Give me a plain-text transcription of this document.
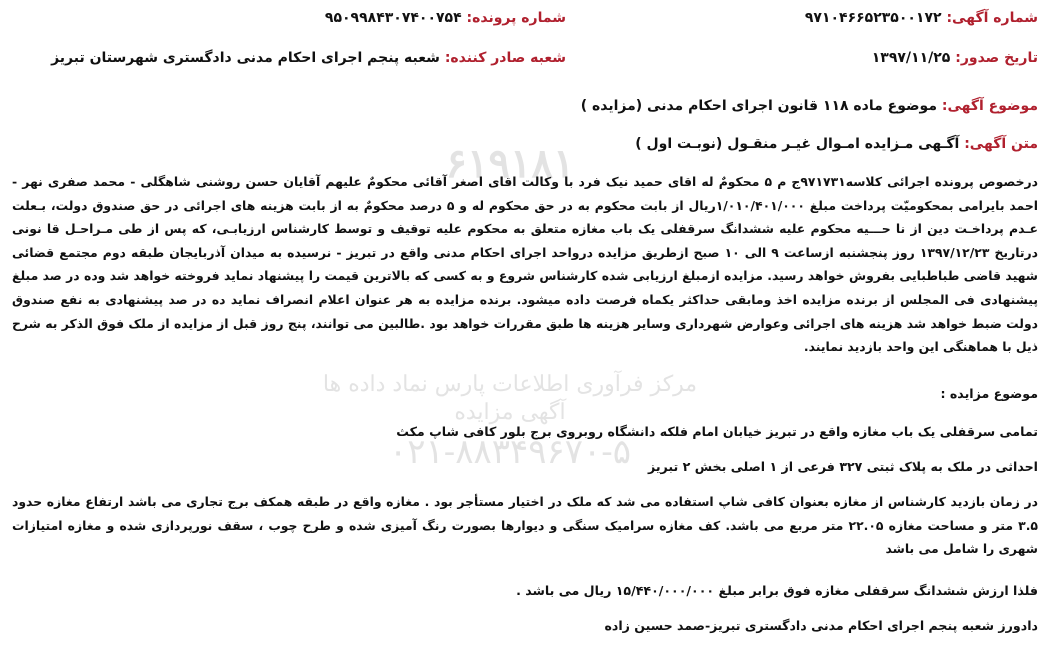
۶۱۹۱۸۱
مرکز فرآوری اطلاعات پارس نماد داده ها
آگهی مزایده
۰۲۱-۸۸۳۴۹۶۷۰-۵
شماره آگهی: ۹۷۱۰۴۶۶۵۲۳۵۰۰۱۷۲
تاریخ صدور: ۱۳۹۷/۱۱/۲۵
شماره پرونده: ۹۵۰۹۹۸۴۳۰۷۴۰۰۷۵۴
شعبه صادر کننده: شعبه پنجم اجرای احکام مدنی دادگستری شهرستان تبریز
موضوع آگهی: موضوع ماده ۱۱۸ قانون اجرای احکام مدنی (مزایده )
متن آگهی: آگـهی مـزایده امـوال غیـر منقـول (نوبـت اول )
درخصوص پرونده اجرائی کلاسه۹۷۱۷۳۱ج م ۵ محکومٌ له اقای حمید نیک فرد با وکالت اقای اصغر آقائی محکومٌ علیهم آقایان حسن روشنی شاهگلی - محمد صفری نهر - احمد بایرامی بمحکومیّت پرداخت مبلغ ۱/۰۱۰/۴۰۱/۰۰۰ریال از بابت محکوم به در حق محکوم له و ۵ درصد محکومٌ به از بابت هزینه های اجرائی در حق صندوق دولت، بـعلت عـدم پرداخـت دین از نا حـــیه محکوم علیه ششدانگ سرقفلی یک باب مغازه متعلق به محکوم علیه توقیف و توسط کارشناس ارزیابـی، که پس از طی مـراحـل قا نونی درتاریخ ۱۳۹۷/۱۲/۲۳ روز پنجشنبه ازساعت ۹ الی ۱۰ صبح ازطریق مزایده درواحد اجرای احکام مدنی واقع در تبریز - نرسیده به میدان آذربایجان طبقه دوم مجتمع قضائی شهید قاضی طباطبایی بفروش خواهد رسید. مزایده ازمبلغ ارزیابی شده کارشناس شروع و به کسی که بالاترین قیمت را پیشنهاد نماید فروخته خواهد شد وده در صد مبلغ پیشنهادی فی المجلس از برنده مزایده اخذ ومابقی حداکثر یکماه فرصت داده میشود. برنده مزایده به هر عنوان اعلام انصراف نماید ده در صد پیشنهادی به نفع صندوق دولت ضبط خواهد شد هزینه های اجرائی وعوارض شهرداری وسایر هزینه ها طبق مقررات خواهد بود .طالبین می توانند، پنج روز قبل از مزایده از ملک فوق الذکر به شرح ذیل با هماهنگی این واحد بازدید نمایند.
موضوع مزایده :
تمامی سرقفلی یک باب مغازه واقع در تبریز خیابان امام فلکه دانشگاه روبروی برج بلور کافی شاپ مکث
احداثی در ملک به پلاک ثبتی ۳۲۷ فرعی از ۱ اصلی بخش ۲ تبریز
در زمان بازدید کارشناس از مغازه بعنوان کافی شاپ استفاده می شد که ملک در اختیار مستأجر بود . مغازه واقع در طبقه همکف برج تجاری می باشد ارتفاع مغازه حدود ۳.۵ متر و مساحت مغازه ۲۲.۰۵ متر مربع می باشد. کف مغازه سرامیک سنگی و دیوارها بصورت رنگ آمیزی شده و طرح چوب ، سقف نورپردازی شده و مغازه امتیازات شهری را شامل می باشد
فلذا ارزش ششدانگ سرقفلی مغازه فوق برابر مبلغ ۱۵/۴۴۰/۰۰۰/۰۰۰ ریال می باشد .
دادورز شعبه پنجم اجرای احکام مدنی دادگستری تبریز-صمد حسین زاده
